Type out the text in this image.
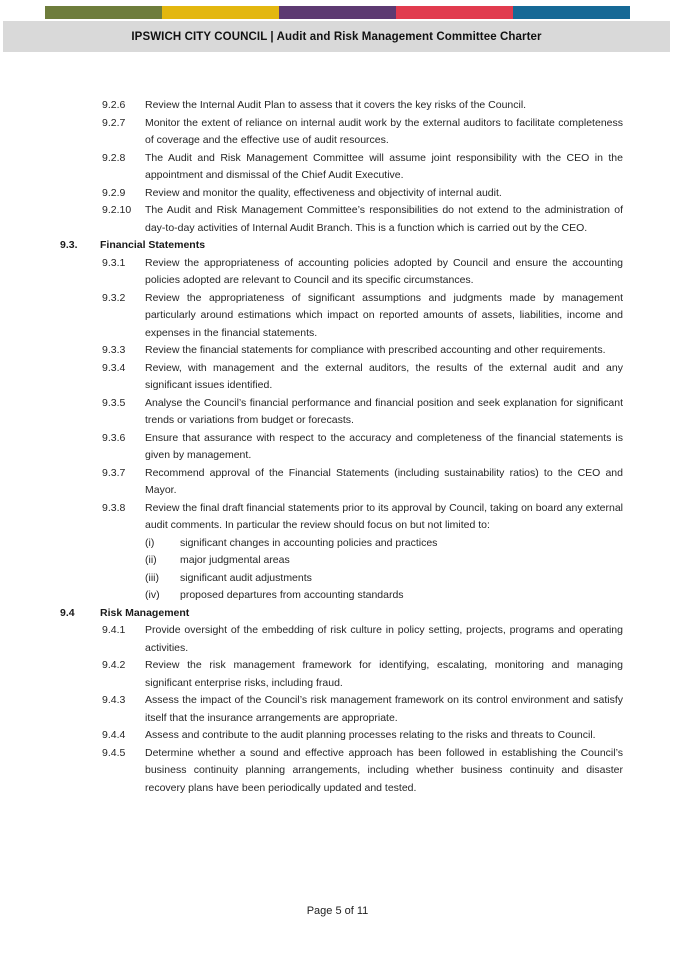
IPSWICH CITY COUNCIL | Audit and Risk Management Committee Charter
9.2.6	Review the Internal Audit Plan to assess that it covers the key risks of the Council.
9.2.7	Monitor the extent of reliance on internal audit work by the external auditors to facilitate completeness of coverage and the effective use of audit resources.
9.2.8	The Audit and Risk Management Committee will assume joint responsibility with the CEO in the appointment and dismissal of the Chief Audit Executive.
9.2.9	Review and monitor the quality, effectiveness and objectivity of internal audit.
9.2.10	The Audit and Risk Management Committee’s responsibilities do not extend to the administration of day-to-day activities of Internal Audit Branch. This is a function which is carried out by the CEO.
9.3.	Financial Statements
9.3.1	Review the appropriateness of accounting policies adopted by Council and ensure the accounting policies adopted are relevant to Council and its specific circumstances.
9.3.2	Review the appropriateness of significant assumptions and judgments made by management particularly around estimations which impact on reported amounts of assets, liabilities, income and expenses in the financial statements.
9.3.3	Review the financial statements for compliance with prescribed accounting and other requirements.
9.3.4	Review, with management and the external auditors, the results of the external audit and any significant issues identified.
9.3.5	Analyse the Council’s financial performance and financial position and seek explanation for significant trends or variations from budget or forecasts.
9.3.6	Ensure that assurance with respect to the accuracy and completeness of the financial statements is given by management.
9.3.7	Recommend approval of the Financial Statements (including sustainability ratios) to the CEO and Mayor.
9.3.8	Review the final draft financial statements prior to its approval by Council, taking on board any external audit comments. In particular the review should focus on but not limited to:
(i)	significant changes in accounting policies and practices
(ii)	major judgmental areas
(iii)	significant audit adjustments
(iv)	proposed departures from accounting standards
9.4	Risk Management
9.4.1	Provide oversight of the embedding of risk culture in policy setting, projects, programs and operating activities.
9.4.2	Review the risk management framework for identifying, escalating, monitoring and managing significant enterprise risks, including fraud.
9.4.3	Assess the impact of the Council’s risk management framework on its control environment and satisfy itself that the insurance arrangements are appropriate.
9.4.4	Assess and contribute to the audit planning processes relating to the risks and threats to Council.
9.4.5	Determine whether a sound and effective approach has been followed in establishing the Council’s business continuity planning arrangements, including whether business continuity and disaster recovery plans have been periodically updated and tested.
Page 5 of 11
